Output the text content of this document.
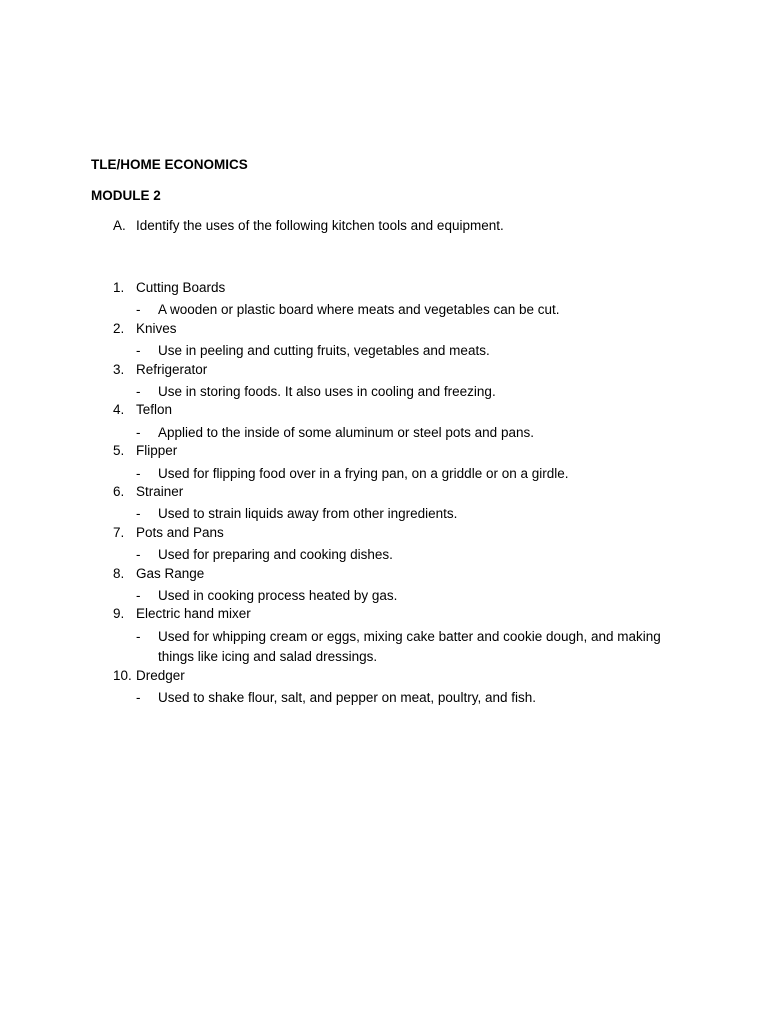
TLE/HOME ECONOMICS
MODULE 2
A. Identify the uses of the following kitchen tools and equipment.
1. Cutting Boards
- A wooden or plastic board where meats and vegetables can be cut.
2. Knives
- Use in peeling and cutting fruits, vegetables and meats.
3. Refrigerator
- Use in storing foods. It also uses in cooling and freezing.
4. Teflon
- Applied to the inside of some aluminum or steel pots and pans.
5. Flipper
- Used for flipping food over in a frying pan, on a griddle or on a girdle.
6. Strainer
- Used to strain liquids away from other ingredients.
7. Pots and Pans
- Used for preparing and cooking dishes.
8. Gas Range
- Used in cooking process heated by gas.
9. Electric hand mixer
- Used for whipping cream or eggs, mixing cake batter and cookie dough, and making things like icing and salad dressings.
10. Dredger
- Used to shake flour, salt, and pepper on meat, poultry, and fish.
